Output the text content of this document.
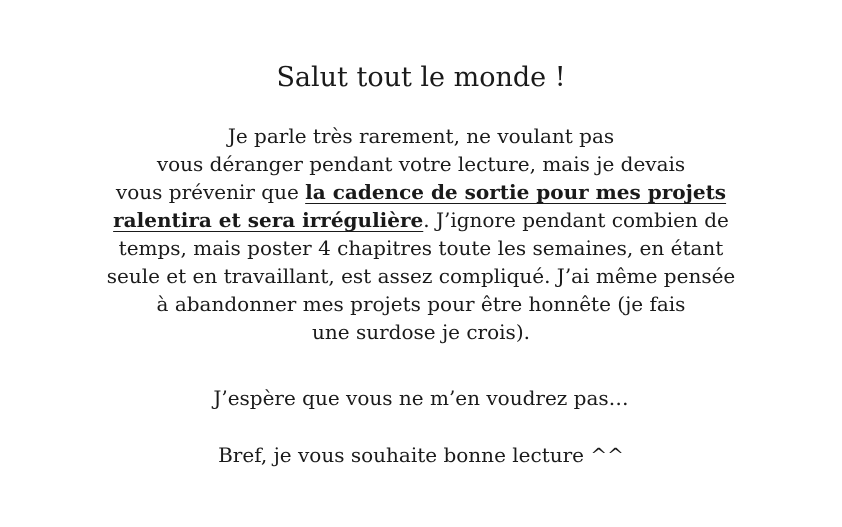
Salut tout le monde !

Je parle très rarement, ne voulant pas
vous déranger pendant votre lecture, mais je devais
vous prévenir que la cadence de sortie pour mes projets
ralentira et sera irrégulière. J’ignore pendant combien de
temps, mais poster 4 chapitres toute les semaines, en étant
seule et en travaillant, est assez compliqué. J’ai même pensée
à abandonner mes projets pour être honnête (je fais
une surdose je crois).

J’espère que vous ne m’en voudrez pas…

Bref, je vous souhaite bonne lecture ^^
